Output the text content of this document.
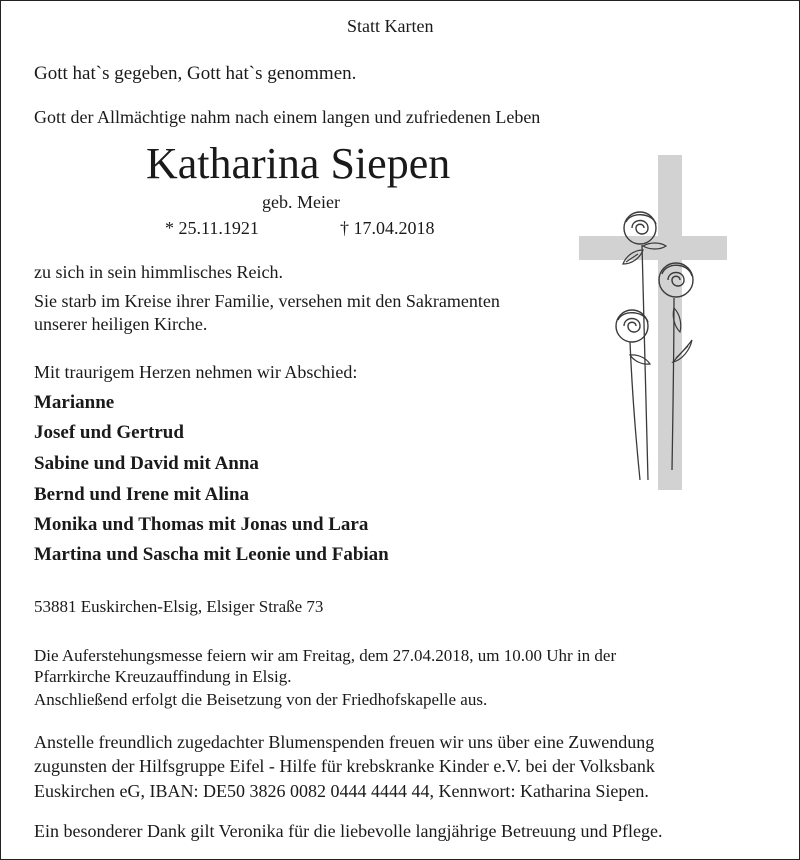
Statt Karten
Gott hat`s gegeben, Gott hat`s genommen.
Gott der Allmächtige nahm nach einem langen und zufriedenen Leben
Katharina Siepen
geb. Meier
* 25.11.1921	† 17.04.2018
zu sich in sein himmlisches Reich.
Sie starb im Kreise ihrer Familie, versehen mit den Sakramenten
unserer heiligen Kirche.
Mit traurigem Herzen nehmen wir Abschied:
Marianne
Josef und Gertrud
Sabine und David mit Anna
Bernd und Irene mit Alina
Monika und Thomas mit Jonas und Lara
Martina und Sascha mit Leonie und Fabian
53881 Euskirchen-Elsig, Elsiger Straße 73
Die Auferstehungsmesse feiern wir am Freitag, dem 27.04.2018, um 10.00 Uhr in der
Pfarrkirche Kreuzauffindung in Elsig.
Anschließend erfolgt die Beisetzung von der Friedhofskapelle aus.
Anstelle freundlich zugedachter Blumenspenden freuen wir uns über eine Zuwendung
zugunsten der Hilfsgruppe Eifel - Hilfe für krebskranke Kinder e.V. bei der Volksbank
Euskirchen eG, IBAN: DE50 3826 0082 0444 4444 44, Kennwort: Katharina Siepen.
Ein besonderer Dank gilt Veronika für die liebevolle langjährige Betreuung und Pflege.
